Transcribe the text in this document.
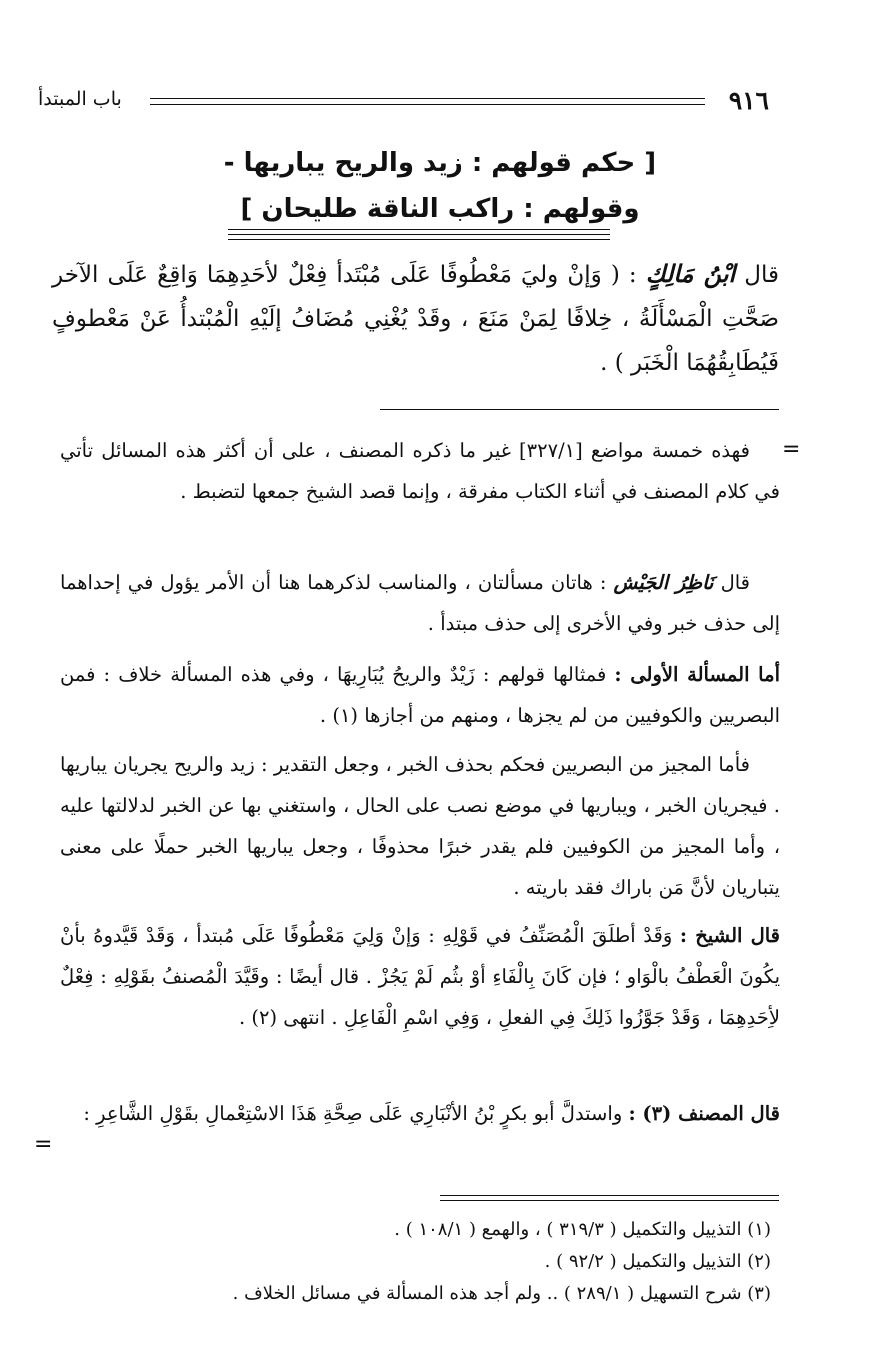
٩١٦
باب المبتدأ
[ حكم قولهم : زيد والريح يباريها -
وقولهم : راكب الناقة طليحان ]
قال ابْنُ مَالِكٍ : ( وَإنْ وليَ مَعْطُوفًا عَلَى مُبْتَدأ فِعْلٌ لأحَدِهِمَا وَاقِعٌ عَلَى الآخر صَحَّتِ الْمَسْأَلَةُ ، خِلافًا لِمَنْ مَنَعَ ، وقَدْ يُغْنِي مُضَافُ إلَيْهِ الْمُبْتدأُ عَنْ مَعْطوفٍ فَيُطَابِقُهُمَا الْخَبَر ) .
=
فهذه خمسة مواضع [٣٢٧/١] غير ما ذكره المصنف ، على أن أكثر هذه المسائل تأتي في كلام المصنف في أثناء الكتاب مفرقة ، وإنما قصد الشيخ جمعها لتضبط .
قال نَاظِرُ الجَيْش : هاتان مسألتان ، والمناسب لذكرهما هنا أن الأمر يؤول في إحداهما إلى حذف خبر وفي الأخرى إلى حذف مبتدأ .
أما المسألة الأولى : فمثالها قولهم : زَيْدٌ والريحُ يُبَارِيهَا ، وفي هذه المسألة خلاف : فمن البصريين والكوفيين من لم يجزها ، ومنهم من أجازها (١) .
فأما المجيز من البصريين فحكم بحذف الخبر ، وجعل التقدير : زيد والريح يجريان يباريها . فيجريان الخبر ، ويباريها في موضع نصب على الحال ، واستغني بها عن الخبر لدلالتها عليه ، وأما المجيز من الكوفيين فلم يقدر خبرًا محذوفًا ، وجعل يباريها الخبر حملًا على معنى يتباريان لأنَّ مَن باراك فقد باريته .
قال الشيخ : وَقَدْ أطلَقَ الْمُصَنِّفُ في قَوْلِهِ : وَإنْ وَلِيَ مَعْطُوفًا عَلَى مُبتدأ ، وَقَدْ قَيَّدوهُ بأنْ يكُونَ الْعَطْفُ بالْوَاو ؛ فإن كَانَ بِالْفَاءِ أوْ بثُم لَمْ يَجُزْ . قال أيضًا : وقَيَّدَ الْمُصنفُ بقَوْلِهِ : فِعْلٌ لأِحَدِهِمَا ، وَقَدْ جَوَّزُوا ذَلِكَ فِي الفعلِ ، وَفِي اسْمِ الْفَاعِلِ . انتهى (٢) .
قال المصنف (٣) : واستدلَّ أبو بكرٍ بْنُ الأنْبَارِي عَلَى صِحَّةِ هَذَا الاسْتِعْمالِ بقَوْلِ الشَّاعِرِ :
=
(١) التذييل والتكميل ( ٣١٩/٣ ) ، والهمع ( ١٠٨/١ ) .
(٢) التذييل والتكميل ( ٩٢/٢ ) .
(٣) شرح التسهيل ( ٢٨٩/١ ) .. ولم أجد هذه المسألة في مسائل الخلاف .
